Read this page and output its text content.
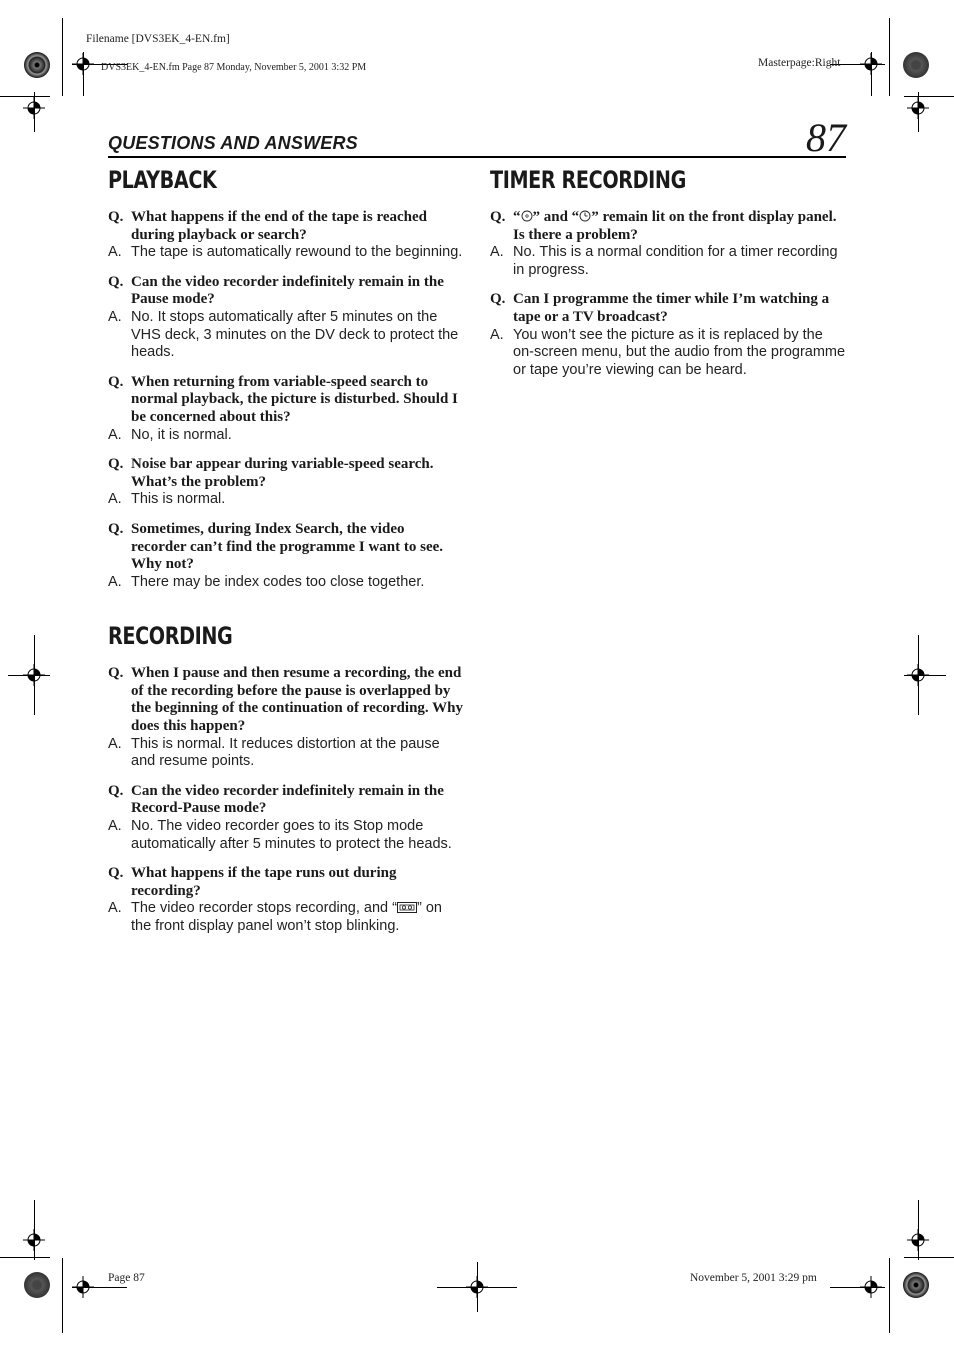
Filename [DVS3EK_4-EN.fm]
DVS3EK_4-EN.fm Page 87 Monday, November 5, 2001 3:32 PM	Masterpage:Right
QUESTIONS AND ANSWERS	87
PLAYBACK
Q. What happens if the end of the tape is reached during playback or search?
A. The tape is automatically rewound to the beginning.
Q. Can the video recorder indefinitely remain in the Pause mode?
A. No. It stops automatically after 5 minutes on the VHS deck, 3 minutes on the DV deck to protect the heads.
Q. When returning from variable-speed search to normal playback, the picture is disturbed. Should I be concerned about this?
A. No, it is normal.
Q. Noise bar appear during variable-speed search. What’s the problem?
A. This is normal.
Q. Sometimes, during Index Search, the video recorder can’t find the programme I want to see. Why not?
A. There may be index codes too close together.
RECORDING
Q. When I pause and then resume a recording, the end of the recording before the pause is overlapped by the beginning of the continuation of recording. Why does this happen?
A. This is normal. It reduces distortion at the pause and resume points.
Q. Can the video recorder indefinitely remain in the Record-Pause mode?
A. No. The video recorder goes to its Stop mode automatically after 5 minutes to protect the heads.
Q. What happens if the tape runs out during recording?
A. The video recorder stops recording, and “ ” on the front display panel won’t stop blinking.
TIMER RECORDING
Q. “ ” and “ ” remain lit on the front display panel. Is there a problem?
A. No. This is a normal condition for a timer recording in progress.
Q. Can I programme the timer while I’m watching a tape or a TV broadcast?
A. You won’t see the picture as it is replaced by the on-screen menu, but the audio from the programme or tape you’re viewing can be heard.
Page 87	November 5, 2001 3:29 pm
